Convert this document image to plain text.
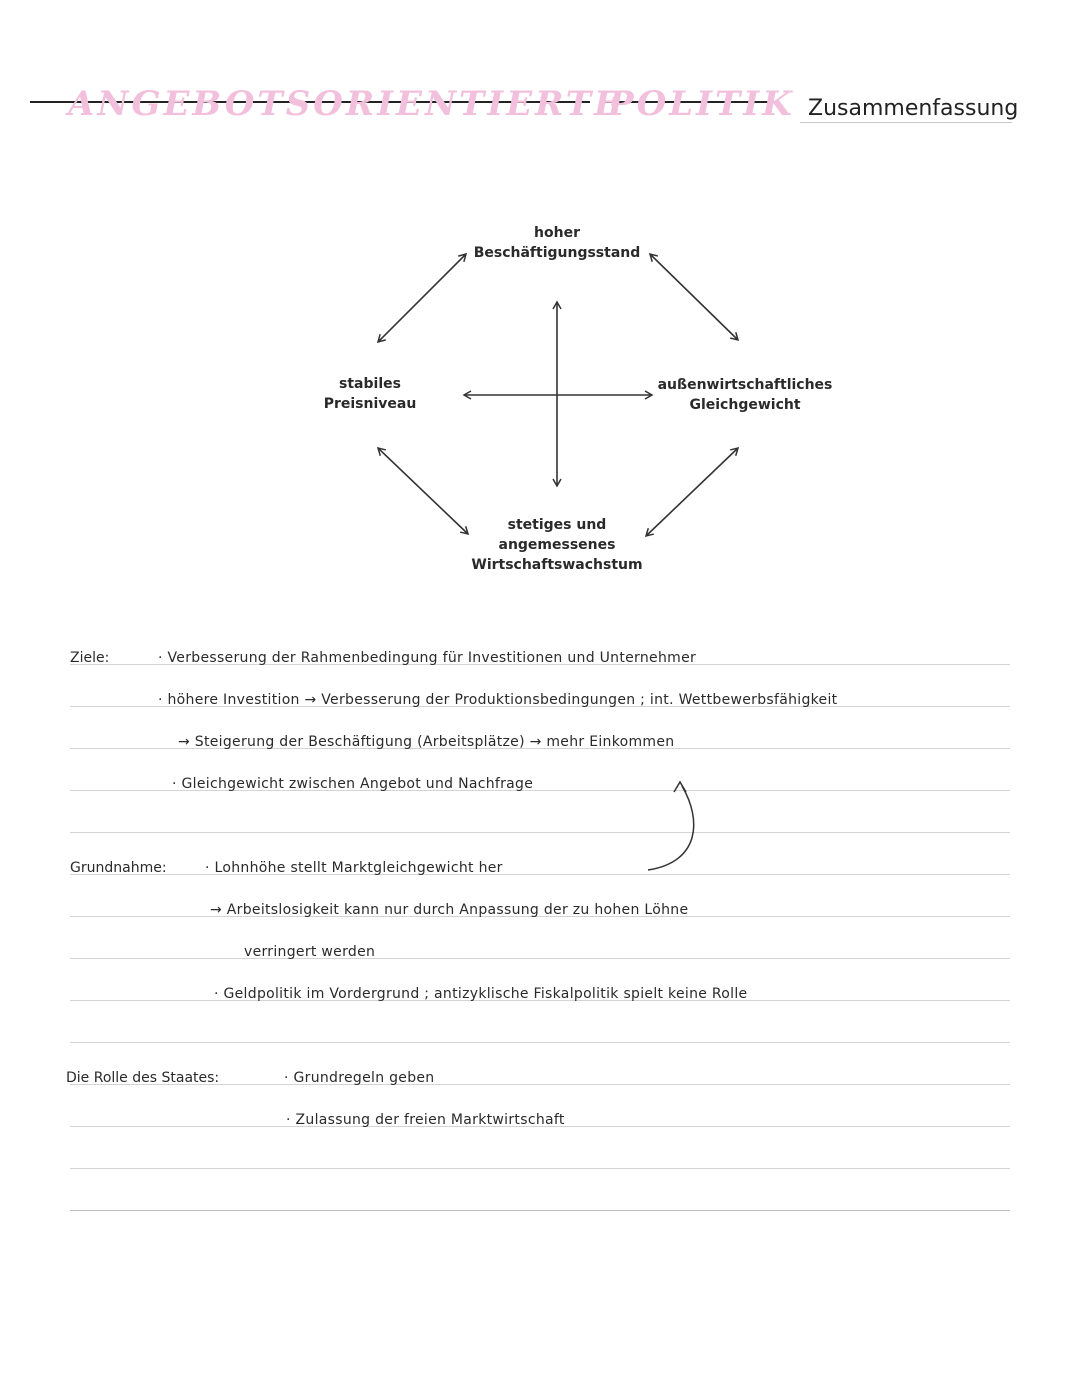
ANGEBOTSORIENTIERTE
POLITIK Zusammenfassung
hoher
Beschäftigungsstand
stabiles
Preisniveau
außenwirtschaftliches
Gleichgewicht
stetiges und
angemessenes
Wirtschaftswachstum
Ziele:	· Verbesserung der Rahmenbedingung für Investitionen und Unternehmer
· höhere Investition → Verbesserung der Produktionsbedingungen ; int. Wettbewerbsfähigkeit
→ Steigerung der Beschäftigung (Arbeitsplätze) → mehr Einkommen
· Gleichgewicht zwischen Angebot und Nachfrage
Grundnahme:	· Lohnhöhe stellt Marktgleichgewicht her
→ Arbeitslosigkeit kann nur durch Anpassung der zu hohen Löhne
verringert werden
· Geldpolitik im Vordergrund ; antizyklische Fiskalpolitik spielt keine Rolle
Die Rolle des Staates:	· Grundregeln geben
· Zulassung der freien Marktwirtschaft
